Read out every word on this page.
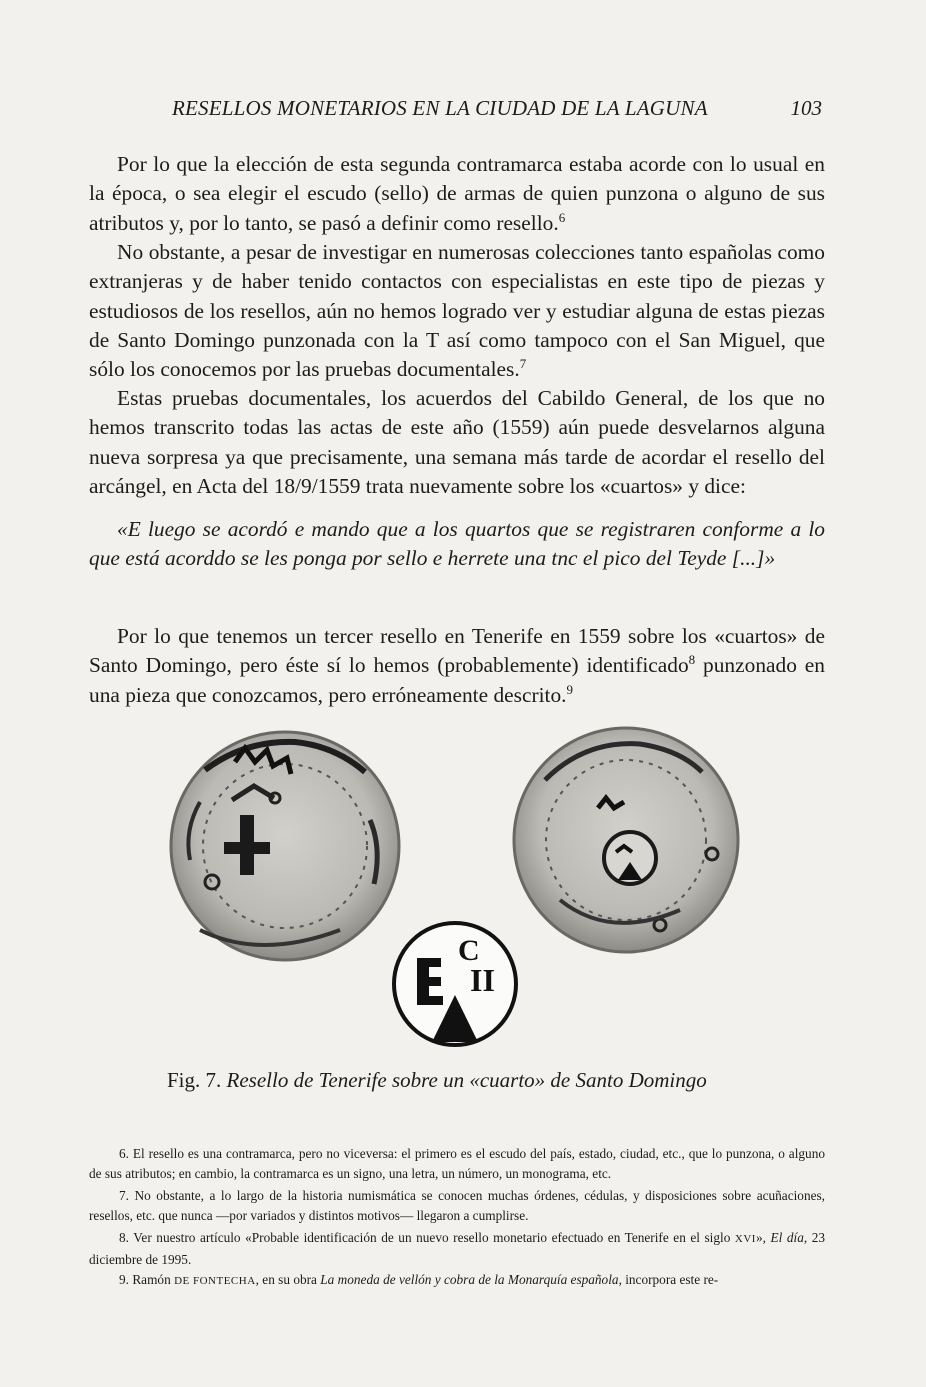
RESELLOS MONETARIOS EN LA CIUDAD DE LA LAGUNA	103

Por lo que la elección de esta segunda contramarca estaba acorde con lo usual en la época, o sea elegir el escudo (sello) de armas de quien punzona o alguno de sus atributos y, por lo tanto, se pasó a definir como resello.$^6$

No obstante, a pesar de investigar en numerosas colecciones tanto españolas como extranjeras y de haber tenido contactos con especialistas en este tipo de piezas y estudiosos de los resellos, aún no hemos logrado ver y estudiar alguna de estas piezas de Santo Domingo punzonada con la T así como tampoco con el San Miguel, que sólo los conocemos por las pruebas documentales.$^7$

Estas pruebas documentales, los acuerdos del Cabildo General, de los que no hemos transcrito todas las actas de este año (1559) aún puede desvelarnos alguna nueva sorpresa ya que precisamente, una semana más tarde de acordar el resello del arcángel, en Acta del 18/9/1559 trata nuevamente sobre los «cuartos» y dice:

«E luego se acordó e mando que a los quartos que se registraren conforme a lo que está acorddo se les ponga por sello e herrete una tnc el pico del Teyde [...]»

Por lo que tenemos un tercer resello en Tenerife en 1559 sobre los «cuartos» de Santo Domingo, pero éste sí lo hemos (probablemente) identificado$^8$ punzonado en una pieza que conozcamos, pero erróneamente descrito.$^9$

C
II
Fig. 7. Resello de Tenerife sobre un «cuarto» de Santo Domingo

6. El resello es una contramarca, pero no viceversa: el primero es el escudo del país, estado, ciudad, etc., que lo punzona, o alguno de sus atributos; en cambio, la contramarca es un signo, una letra, un número, un monograma, etc.

7. No obstante, a lo largo de la historia numismática se conocen muchas órdenes, cédulas, y disposiciones sobre acuñaciones, resellos, etc. que nunca —por variados y distintos motivos— llegaron a cumplirse.

8. Ver nuestro artículo «Probable identificación de un nuevo resello monetario efectuado en Tenerife en el siglo XVI», El día, 23 diciembre de 1995.

9. Ramón DE FONTECHA, en su obra La moneda de vellón y cobra de la Monarquía española, incorpora este re-
